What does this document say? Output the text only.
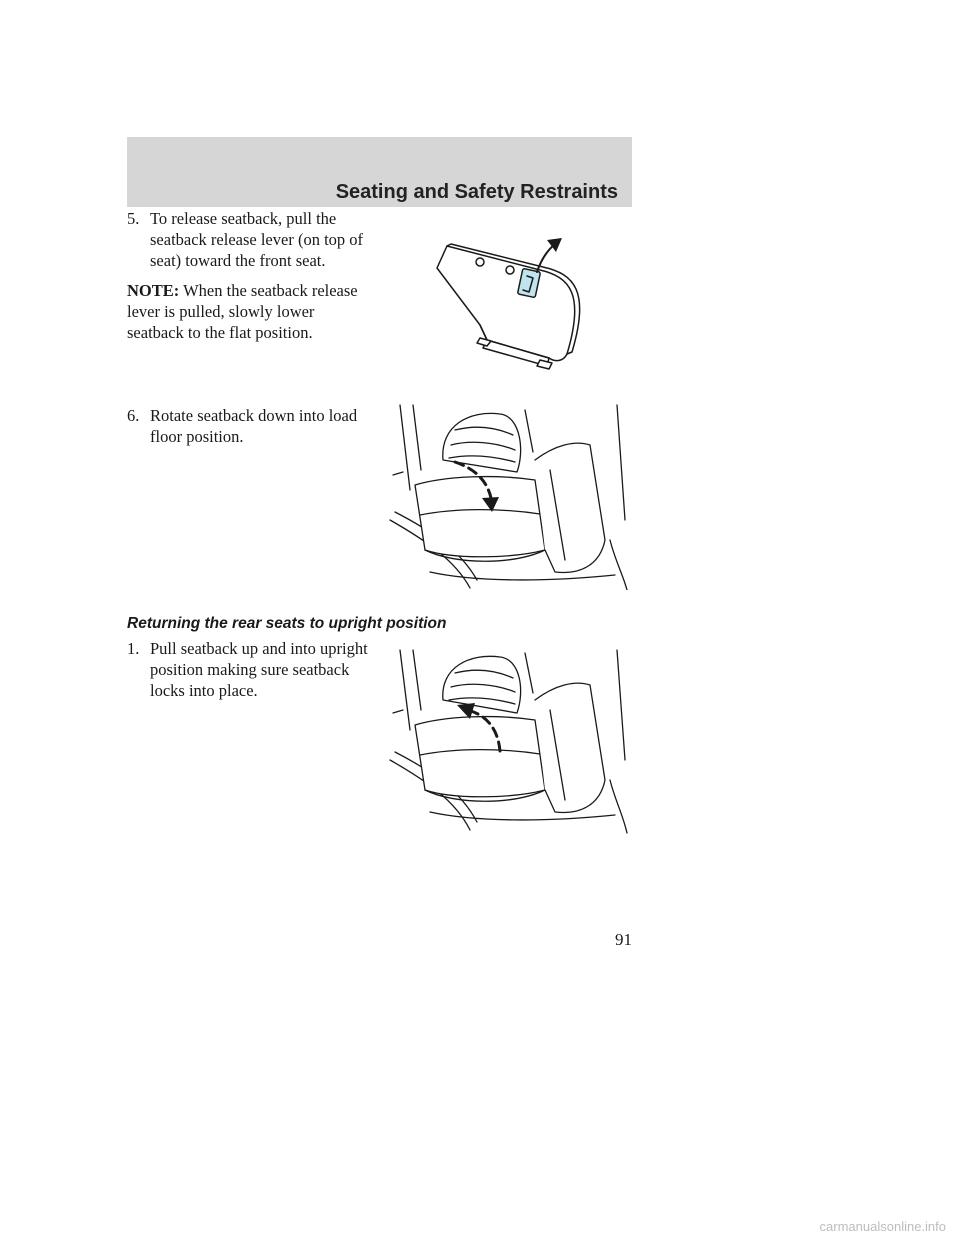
Seating and Safety Restraints
5. To release seatback, pull the seatback release lever (on top of seat) toward the front seat.
NOTE: When the seatback release lever is pulled, slowly lower seatback to the flat position.
6. Rotate seatback down into load floor position.
Returning the rear seats to upright position
1. Pull seatback up and into upright position making sure seatback locks into place.
91

carmanualsonline.info
